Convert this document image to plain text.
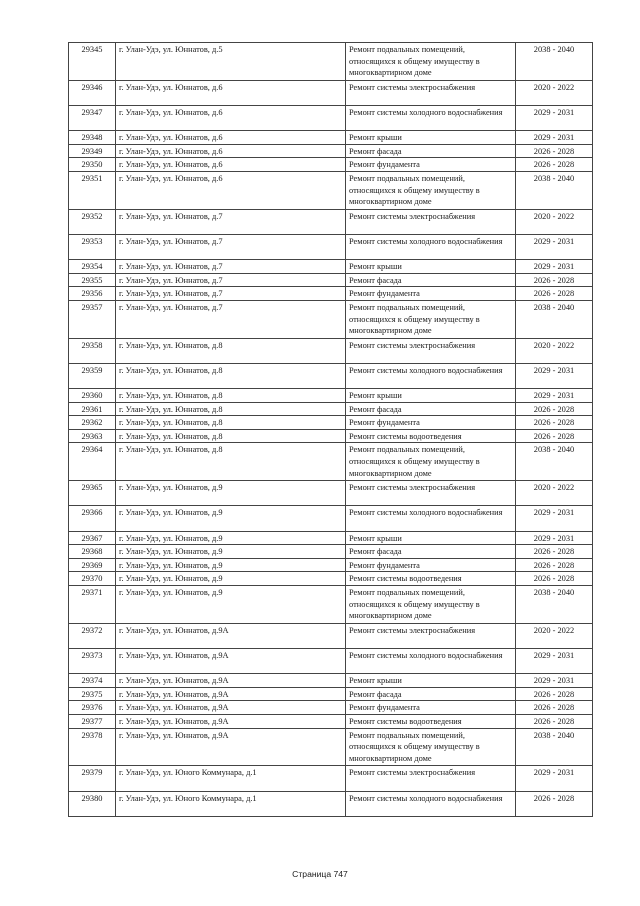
29345	г. Улан-Удэ, ул. Юннатов, д.5	Ремонт подвальных помещений, относящихся к общему имуществу в многоквартирном доме	2038 - 2040
29346	г. Улан-Удэ, ул. Юннатов, д.6	Ремонт системы электроснабжения	2020 - 2022
29347	г. Улан-Удэ, ул. Юннатов, д.6	Ремонт системы холодного водоснабжения	2029 - 2031
29348	г. Улан-Удэ, ул. Юннатов, д.6	Ремонт крыши	2029 - 2031
29349	г. Улан-Удэ, ул. Юннатов, д.6	Ремонт фасада	2026 - 2028
29350	г. Улан-Удэ, ул. Юннатов, д.6	Ремонт фундамента	2026 - 2028
29351	г. Улан-Удэ, ул. Юннатов, д.6	Ремонт подвальных помещений, относящихся к общему имуществу в многоквартирном доме	2038 - 2040
29352	г. Улан-Удэ, ул. Юннатов, д.7	Ремонт системы электроснабжения	2020 - 2022
29353	г. Улан-Удэ, ул. Юннатов, д.7	Ремонт системы холодного водоснабжения	2029 - 2031
29354	г. Улан-Удэ, ул. Юннатов, д.7	Ремонт крыши	2029 - 2031
29355	г. Улан-Удэ, ул. Юннатов, д.7	Ремонт фасада	2026 - 2028
29356	г. Улан-Удэ, ул. Юннатов, д.7	Ремонт фундамента	2026 - 2028
29357	г. Улан-Удэ, ул. Юннатов, д.7	Ремонт подвальных помещений, относящихся к общему имуществу в многоквартирном доме	2038 - 2040
29358	г. Улан-Удэ, ул. Юннатов, д.8	Ремонт системы электроснабжения	2020 - 2022
29359	г. Улан-Удэ, ул. Юннатов, д.8	Ремонт системы холодного водоснабжения	2029 - 2031
29360	г. Улан-Удэ, ул. Юннатов, д.8	Ремонт крыши	2029 - 2031
29361	г. Улан-Удэ, ул. Юннатов, д.8	Ремонт фасада	2026 - 2028
29362	г. Улан-Удэ, ул. Юннатов, д.8	Ремонт фундамента	2026 - 2028
29363	г. Улан-Удэ, ул. Юннатов, д.8	Ремонт системы водоотведения	2026 - 2028
29364	г. Улан-Удэ, ул. Юннатов, д.8	Ремонт подвальных помещений, относящихся к общему имуществу в многоквартирном доме	2038 - 2040
29365	г. Улан-Удэ, ул. Юннатов, д.9	Ремонт системы электроснабжения	2020 - 2022
29366	г. Улан-Удэ, ул. Юннатов, д.9	Ремонт системы холодного водоснабжения	2029 - 2031
29367	г. Улан-Удэ, ул. Юннатов, д.9	Ремонт крыши	2029 - 2031
29368	г. Улан-Удэ, ул. Юннатов, д.9	Ремонт фасада	2026 - 2028
29369	г. Улан-Удэ, ул. Юннатов, д.9	Ремонт фундамента	2026 - 2028
29370	г. Улан-Удэ, ул. Юннатов, д.9	Ремонт системы водоотведения	2026 - 2028
29371	г. Улан-Удэ, ул. Юннатов, д.9	Ремонт подвальных помещений, относящихся к общему имуществу в многоквартирном доме	2038 - 2040
29372	г. Улан-Удэ, ул. Юннатов, д.9А	Ремонт системы электроснабжения	2020 - 2022
29373	г. Улан-Удэ, ул. Юннатов, д.9А	Ремонт системы холодного водоснабжения	2029 - 2031
29374	г. Улан-Удэ, ул. Юннатов, д.9А	Ремонт крыши	2029 - 2031
29375	г. Улан-Удэ, ул. Юннатов, д.9А	Ремонт фасада	2026 - 2028
29376	г. Улан-Удэ, ул. Юннатов, д.9А	Ремонт фундамента	2026 - 2028
29377	г. Улан-Удэ, ул. Юннатов, д.9А	Ремонт системы водоотведения	2026 - 2028
29378	г. Улан-Удэ, ул. Юннатов, д.9А	Ремонт подвальных помещений, относящихся к общему имуществу в многоквартирном доме	2038 - 2040
29379	г. Улан-Удэ, ул. Юного Коммунара, д.1	Ремонт системы электроснабжения	2029 - 2031
29380	г. Улан-Удэ, ул. Юного Коммунара, д.1	Ремонт системы холодного водоснабжения	2026 - 2028
Страница 747
